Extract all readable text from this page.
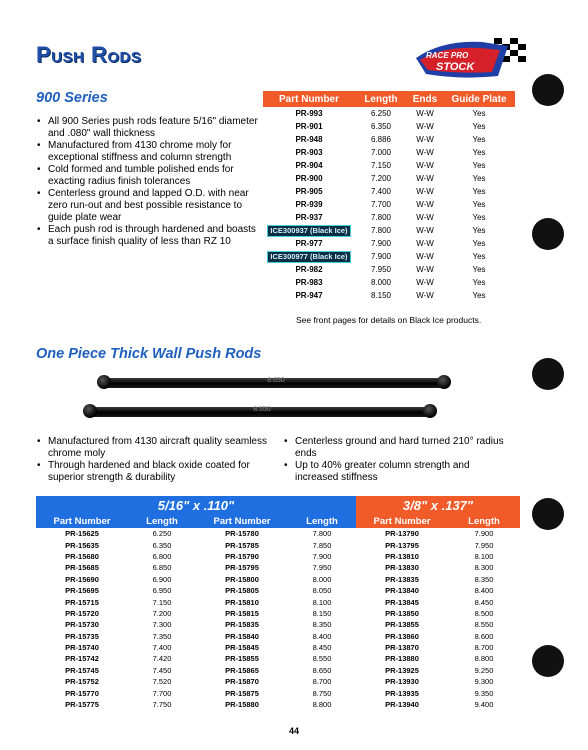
Push Rods	RACE PRO
STOCK
900 Series
• All 900 Series push rods feature 5/16" diameter and .080" wall thickness
• Manufactured from 4130 chrome moly for exceptional stiffness and column strength
• Cold formed and tumble polished ends for exacting radius finish tolerances
• Centerless ground and lapped O.D. with near zero run-out and best possible resistance to guide plate wear
• Each push rod is through hardened and boasts a surface finish quality of less than RZ 10
Part Number	Length	Ends	Guide Plate
PR-993	6.250	W-W	Yes
PR-901	6.350	W-W	Yes
PR-948	6.886	W-W	Yes
PR-903	7.000	W-W	Yes
PR-904	7.150	W-W	Yes
PR-900	7.200	W-W	Yes
PR-905	7.400	W-W	Yes
PR-939	7.700	W-W	Yes
PR-937	7.800	W-W	Yes
ICE300937 (Black Ice)	7.800	W-W	Yes
PR-977	7.900	W-W	Yes
ICE300977 (Black Ice)	7.900	W-W	Yes
PR-982	7.950	W-W	Yes
PR-983	8.000	W-W	Yes
PR-947	8.150	W-W	Yes
See front pages for details on Black Ice products.
One Piece Thick Wall Push Rods
8.650
8.550
• Manufactured from 4130 aircraft quality seamless chrome moly
• Through hardened and black oxide coated for superior strength & durability
• Centerless ground and hard turned 210° radius ends
• Up to 40% greater column strength and increased stiffness
5/16" x .110"				3/8" x .137"	
Part Number	Length	Part Number	Length	Part Number	Length
PR-15625	6.250	PR-15780	7.800	PR-13790	7.900
PR-15635	6.350	PR-15785	7.850	PR-13795	7.950
PR-15680	6.800	PR-15790	7.900	PR-13810	8.100
PR-15685	6.850	PR-15795	7.950	PR-13830	8.300
PR-15690	6.900	PR-15800	8.000	PR-13835	8.350
PR-15695	6.950	PR-15805	8.050	PR-13840	8.400
PR-15715	7.150	PR-15810	8.100	PR-13845	8.450
PR-15720	7.200	PR-15815	8.150	PR-13850	8.500
PR-15730	7.300	PR-15835	8.350	PR-13855	8.550
PR-15735	7.350	PR-15840	8.400	PR-13860	8.600
PR-15740	7.400	PR-15845	8.450	PR-13870	8.700
PR-15742	7.420	PR-15855	8.550	PR-13880	8.800
PR-15745	7.450	PR-15865	8.650	PR-13925	9.250
PR-15752	7.520	PR-15870	8.700	PR-13930	9.300
PR-15770	7.700	PR-15875	8.750	PR-13935	9.350
PR-15775	7.750	PR-15880	8.800	PR-13940	9.400
44
